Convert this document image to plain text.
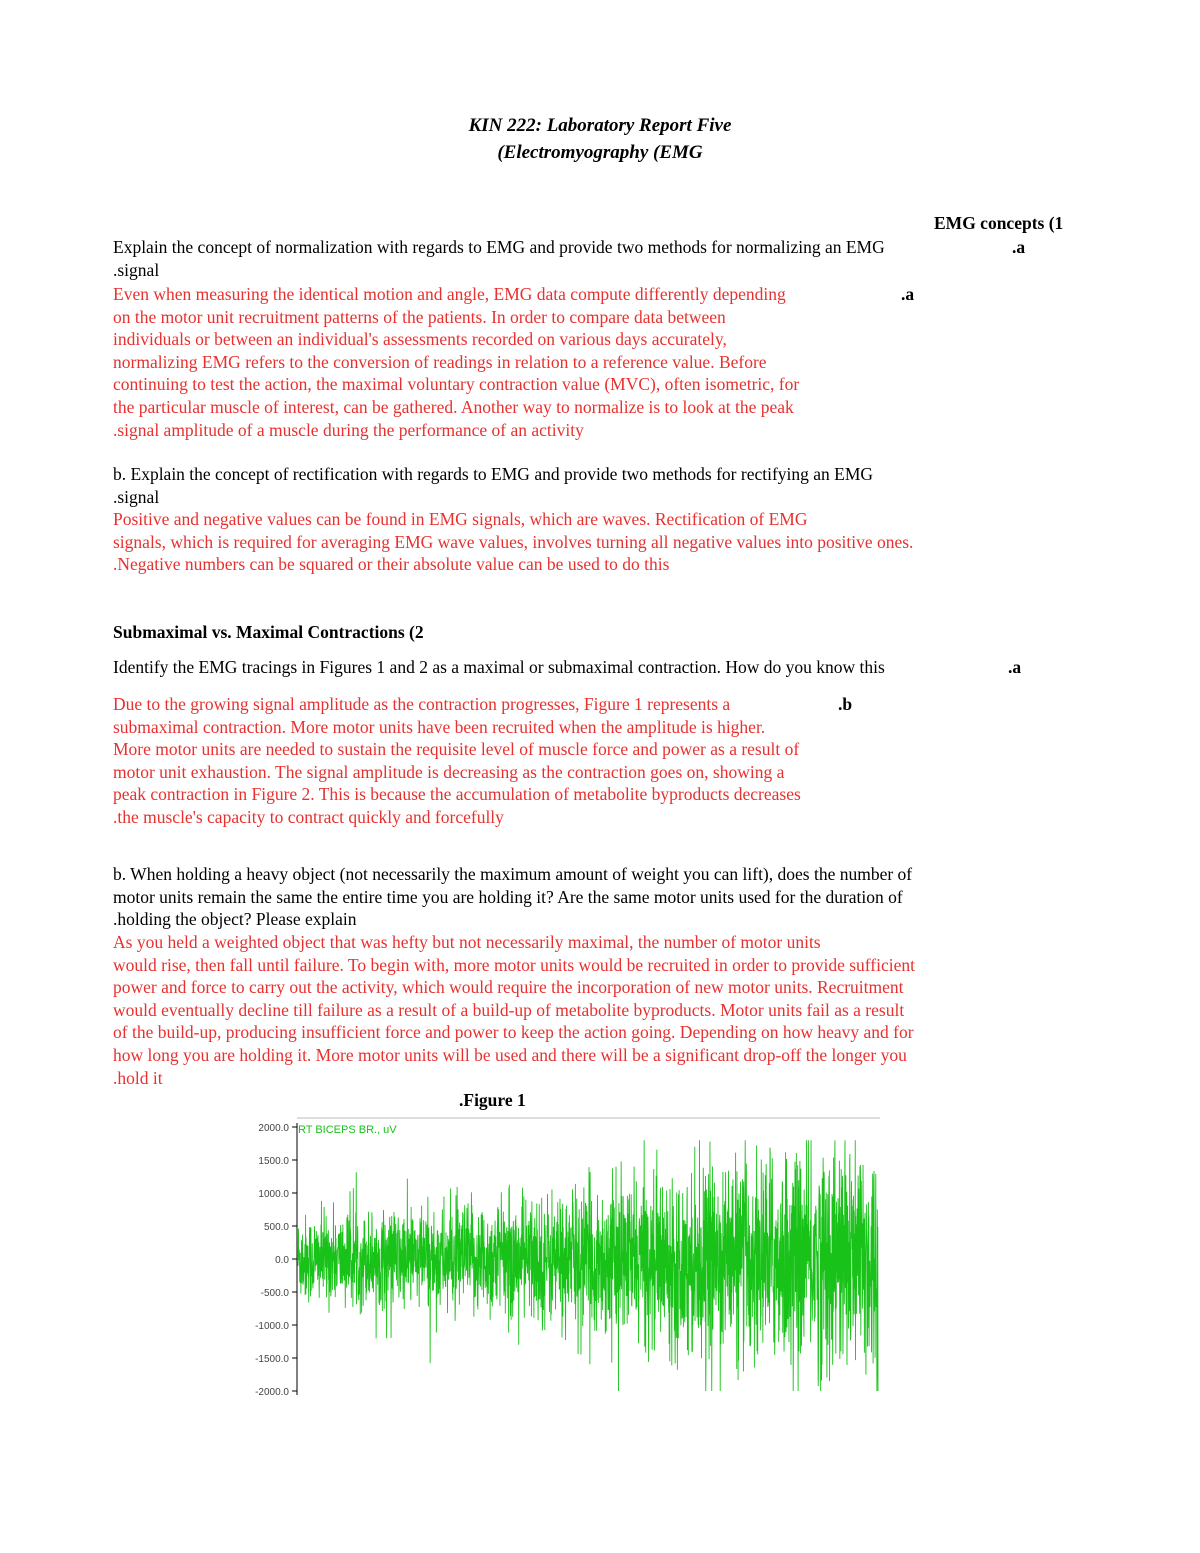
KIN 222: Laboratory Report Five
(Electromyography (EMG
EMG concepts (1
Explain the concept of normalization with regards to EMG and provide two methods for normalizing an EMG	.a
.signal
.a
Even when measuring the identical motion and angle, EMG data compute differently depending
on the motor unit recruitment patterns of the patients. In order to compare data between
individuals or between an individual's assessments recorded on various days accurately,
normalizing EMG refers to the conversion of readings in relation to a reference value. Before
continuing to test the action, the maximal voluntary contraction value (MVC), often isometric, for
the particular muscle of interest, can be gathered. Another way to normalize is to look at the peak
.signal amplitude of a muscle during the performance of an activity
b. Explain the concept of rectification with regards to EMG and provide two methods for rectifying an EMG
.signal
Positive and negative values can be found in EMG signals, which are waves. Rectification of EMG
signals, which is required for averaging EMG wave values, involves turning all negative values into positive ones.
.Negative numbers can be squared or their absolute value can be used to do this
Submaximal vs. Maximal Contractions (2
Identify the EMG tracings in Figures 1 and 2 as a maximal or submaximal contraction. How do you know this	.a
.b
Due to the growing signal amplitude as the contraction progresses, Figure 1 represents a
submaximal contraction. More motor units have been recruited when the amplitude is higher.
More motor units are needed to sustain the requisite level of muscle force and power as a result of
motor unit exhaustion. The signal amplitude is decreasing as the contraction goes on, showing a
peak contraction in Figure 2. This is because the accumulation of metabolite byproducts decreases
.the muscle's capacity to contract quickly and forcefully
b. When holding a heavy object (not necessarily the maximum amount of weight you can lift), does the number of
motor units remain the same the entire time you are holding it? Are the same motor units used for the duration of
.holding the object? Please explain
As you held a weighted object that was hefty but not necessarily maximal, the number of motor units
would rise, then fall until failure. To begin with, more motor units would be recruited in order to provide sufficient
power and force to carry out the activity, which would require the incorporation of new motor units. Recruitment
would eventually decline till failure as a result of a build-up of metabolite byproducts. Motor units fail as a result
of the build-up, producing insufficient force and power to keep the action going. Depending on how heavy and for
how long you are holding it. More motor units will be used and there will be a significant drop-off the longer you
.hold it
.Figure 1
2000.0
1500.0
1000.0
500.0
0.0
-500.0
-1000.0
-1500.0
-2000.0
RT BICEPS BR., uV
